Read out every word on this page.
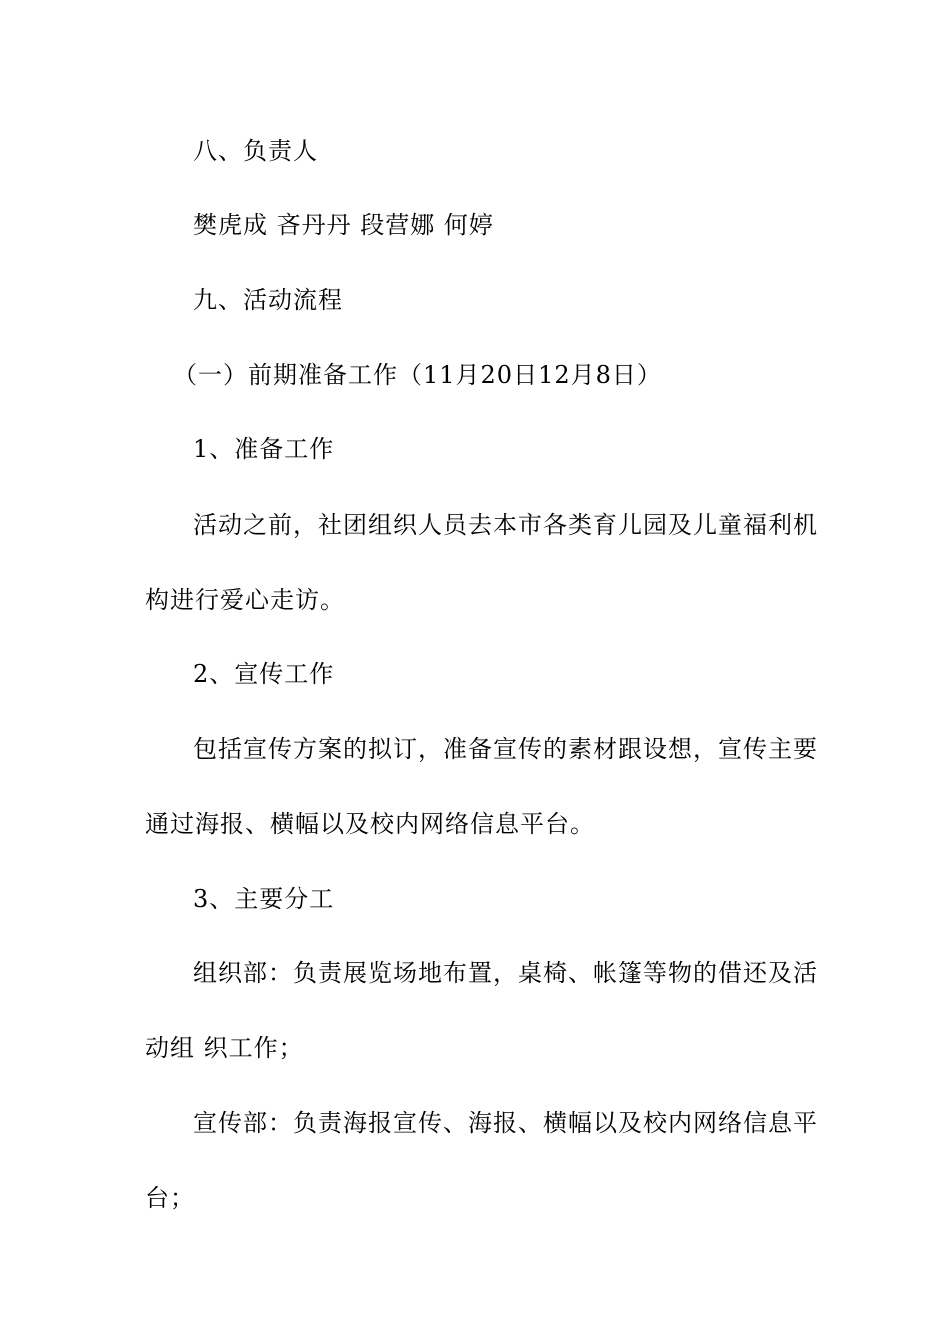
八、负责人
樊虎成 吝丹丹 段营娜 何婷
九、活动流程
（一）前期准备工作（11月20日12月8日）
1、准备工作
活动之前，社团组织人员去本市各类育儿园及儿童福利机
构进行爱心走访。
2、宣传工作
包括宣传方案的拟订，准备宣传的素材跟设想，宣传主要
通过海报、横幅以及校内网络信息平台。
3、主要分工
组织部：负责展览场地布置，桌椅、帐篷等物的借还及活
动组 织工作；
宣传部：负责海报宣传、海报、横幅以及校内网络信息平
台；
